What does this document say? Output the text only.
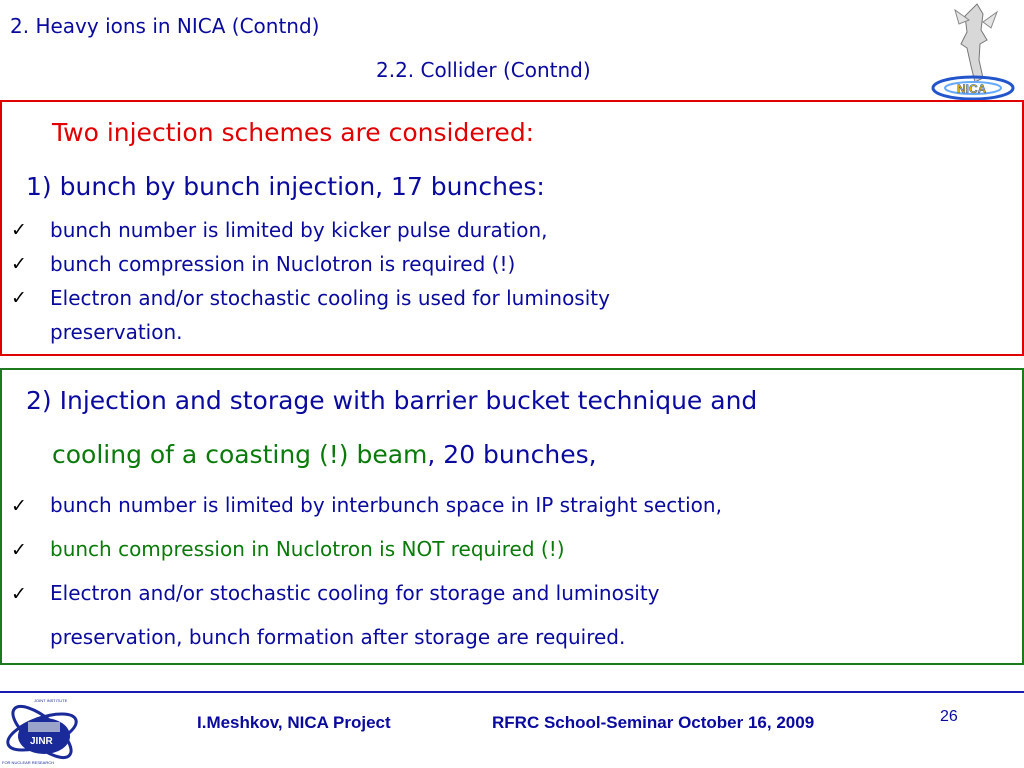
2. Heavy ions in NICA (Contnd)
2.2. Collider (Contnd)
NICA
Two injection schemes are considered:
1) bunch by bunch injection, 17 bunches:
✓ bunch number is limited by kicker pulse duration,
✓ bunch compression in Nuclotron is required (!)
✓ Electron and/or stochastic cooling is used for luminosity
preservation.
2) Injection and storage with barrier bucket technique and
cooling of a coasting (!) beam, 20 bunches,
✓ bunch number is limited by interbunch space in IP straight section,
✓ bunch compression in Nuclotron is NOT required (!)
✓ Electron and/or stochastic cooling for storage and luminosity
preservation, bunch formation after storage are required.
JINR
JOINT INSTITUTE
FOR NUCLEAR RESEARCH
I.Meshkov, NICA Project	RFRC School-Seminar October 16, 2009	26
